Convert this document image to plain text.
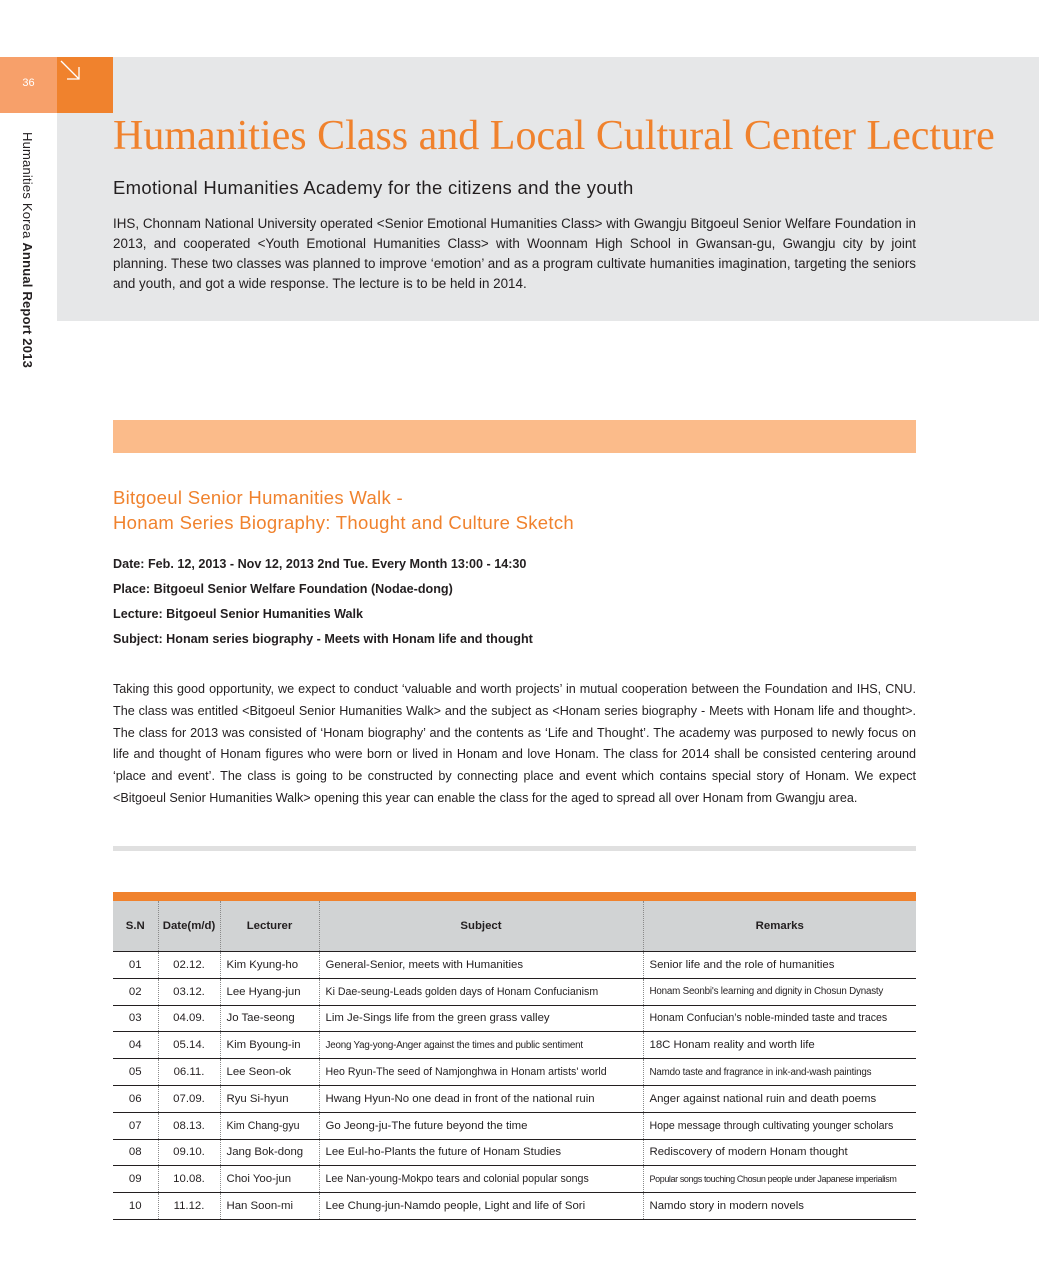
36
Humanities Korea Annual Report 2013
Humanities Class and Local Cultural Center Lecture
Emotional Humanities Academy for the citizens and the youth
IHS, Chonnam National University operated <Senior Emotional Humanities Class> with Gwangju Bitgoeul Senior Welfare Foundation in 2013, and cooperated <Youth Emotional Humanities Class> with Woonnam High School in Gwansan-gu, Gwangju city by joint planning. These two classes was planned to improve ‘emotion’ and as a program cultivate humanities imagination, targeting the seniors and youth, and got a wide response. The lecture is to be held in 2014.
Bitgoeul Senior Humanities Walk -
Honam Series Biography: Thought and Culture Sketch
Date: Feb. 12, 2013 - Nov 12, 2013 2nd Tue. Every Month 13:00 - 14:30
Place: Bitgoeul Senior Welfare Foundation (Nodae-dong)
Lecture: Bitgoeul Senior Humanities Walk
Subject: Honam series biography - Meets with Honam life and thought
Taking this good opportunity, we expect to conduct ‘valuable and worth projects’ in mutual cooperation between the Foundation and IHS, CNU. The class was entitled <Bitgoeul Senior Humanities Walk> and the subject as <Honam series biography - Meets with Honam life and thought>. The class for 2013 was consisted of ‘Honam biography’ and the contents as ‘Life and Thought’. The academy was purposed to newly focus on life and thought of Honam figures who were born or lived in Honam and love Honam. The class for 2014 shall be consisted centering around ‘place and event’. The class is going to be constructed by connecting place and event which contains special story of Honam. We expect <Bitgoeul Senior Humanities Walk> opening this year can enable the class for the aged to spread all over Honam from Gwangju area.
S.N	Date(m/d)	Lecturer	Subject	Remarks
01	02.12.	Kim Kyung-ho	General-Senior, meets with Humanities	Senior life and the role of humanities
02	03.12.	Lee Hyang-jun	Ki Dae-seung-Leads golden days of Honam Confucianism	Honam Seonbi's learning and dignity in Chosun Dynasty
03	04.09.	Jo Tae-seong	Lim Je-Sings life from the green grass valley	Honam Confucian’s noble-minded taste and traces
04	05.14.	Kim Byoung-in	Jeong Yag-yong-Anger against the times and public sentiment	18C Honam reality and worth life
05	06.11.	Lee Seon-ok	Heo Ryun-The seed of Namjonghwa in Honam artists' world	Namdo taste and fragrance in ink-and-wash paintings
06	07.09.	Ryu Si-hyun	Hwang Hyun-No one dead in front of the national ruin	Anger against national ruin and death poems
07	08.13.	Kim Chang-gyu	Go Jeong-ju-The future beyond the time	Hope message through cultivating younger scholars
08	09.10.	Jang Bok-dong	Lee Eul-ho-Plants the future of Honam Studies	Rediscovery of modern Honam thought
09	10.08.	Choi Yoo-jun	Lee Nan-young-Mokpo tears and colonial popular songs	Popular songs touching Chosun people under Japanese imperialism
10	11.12.	Han Soon-mi	Lee Chung-jun-Namdo people, Light and life of Sori	Namdo story in modern novels
